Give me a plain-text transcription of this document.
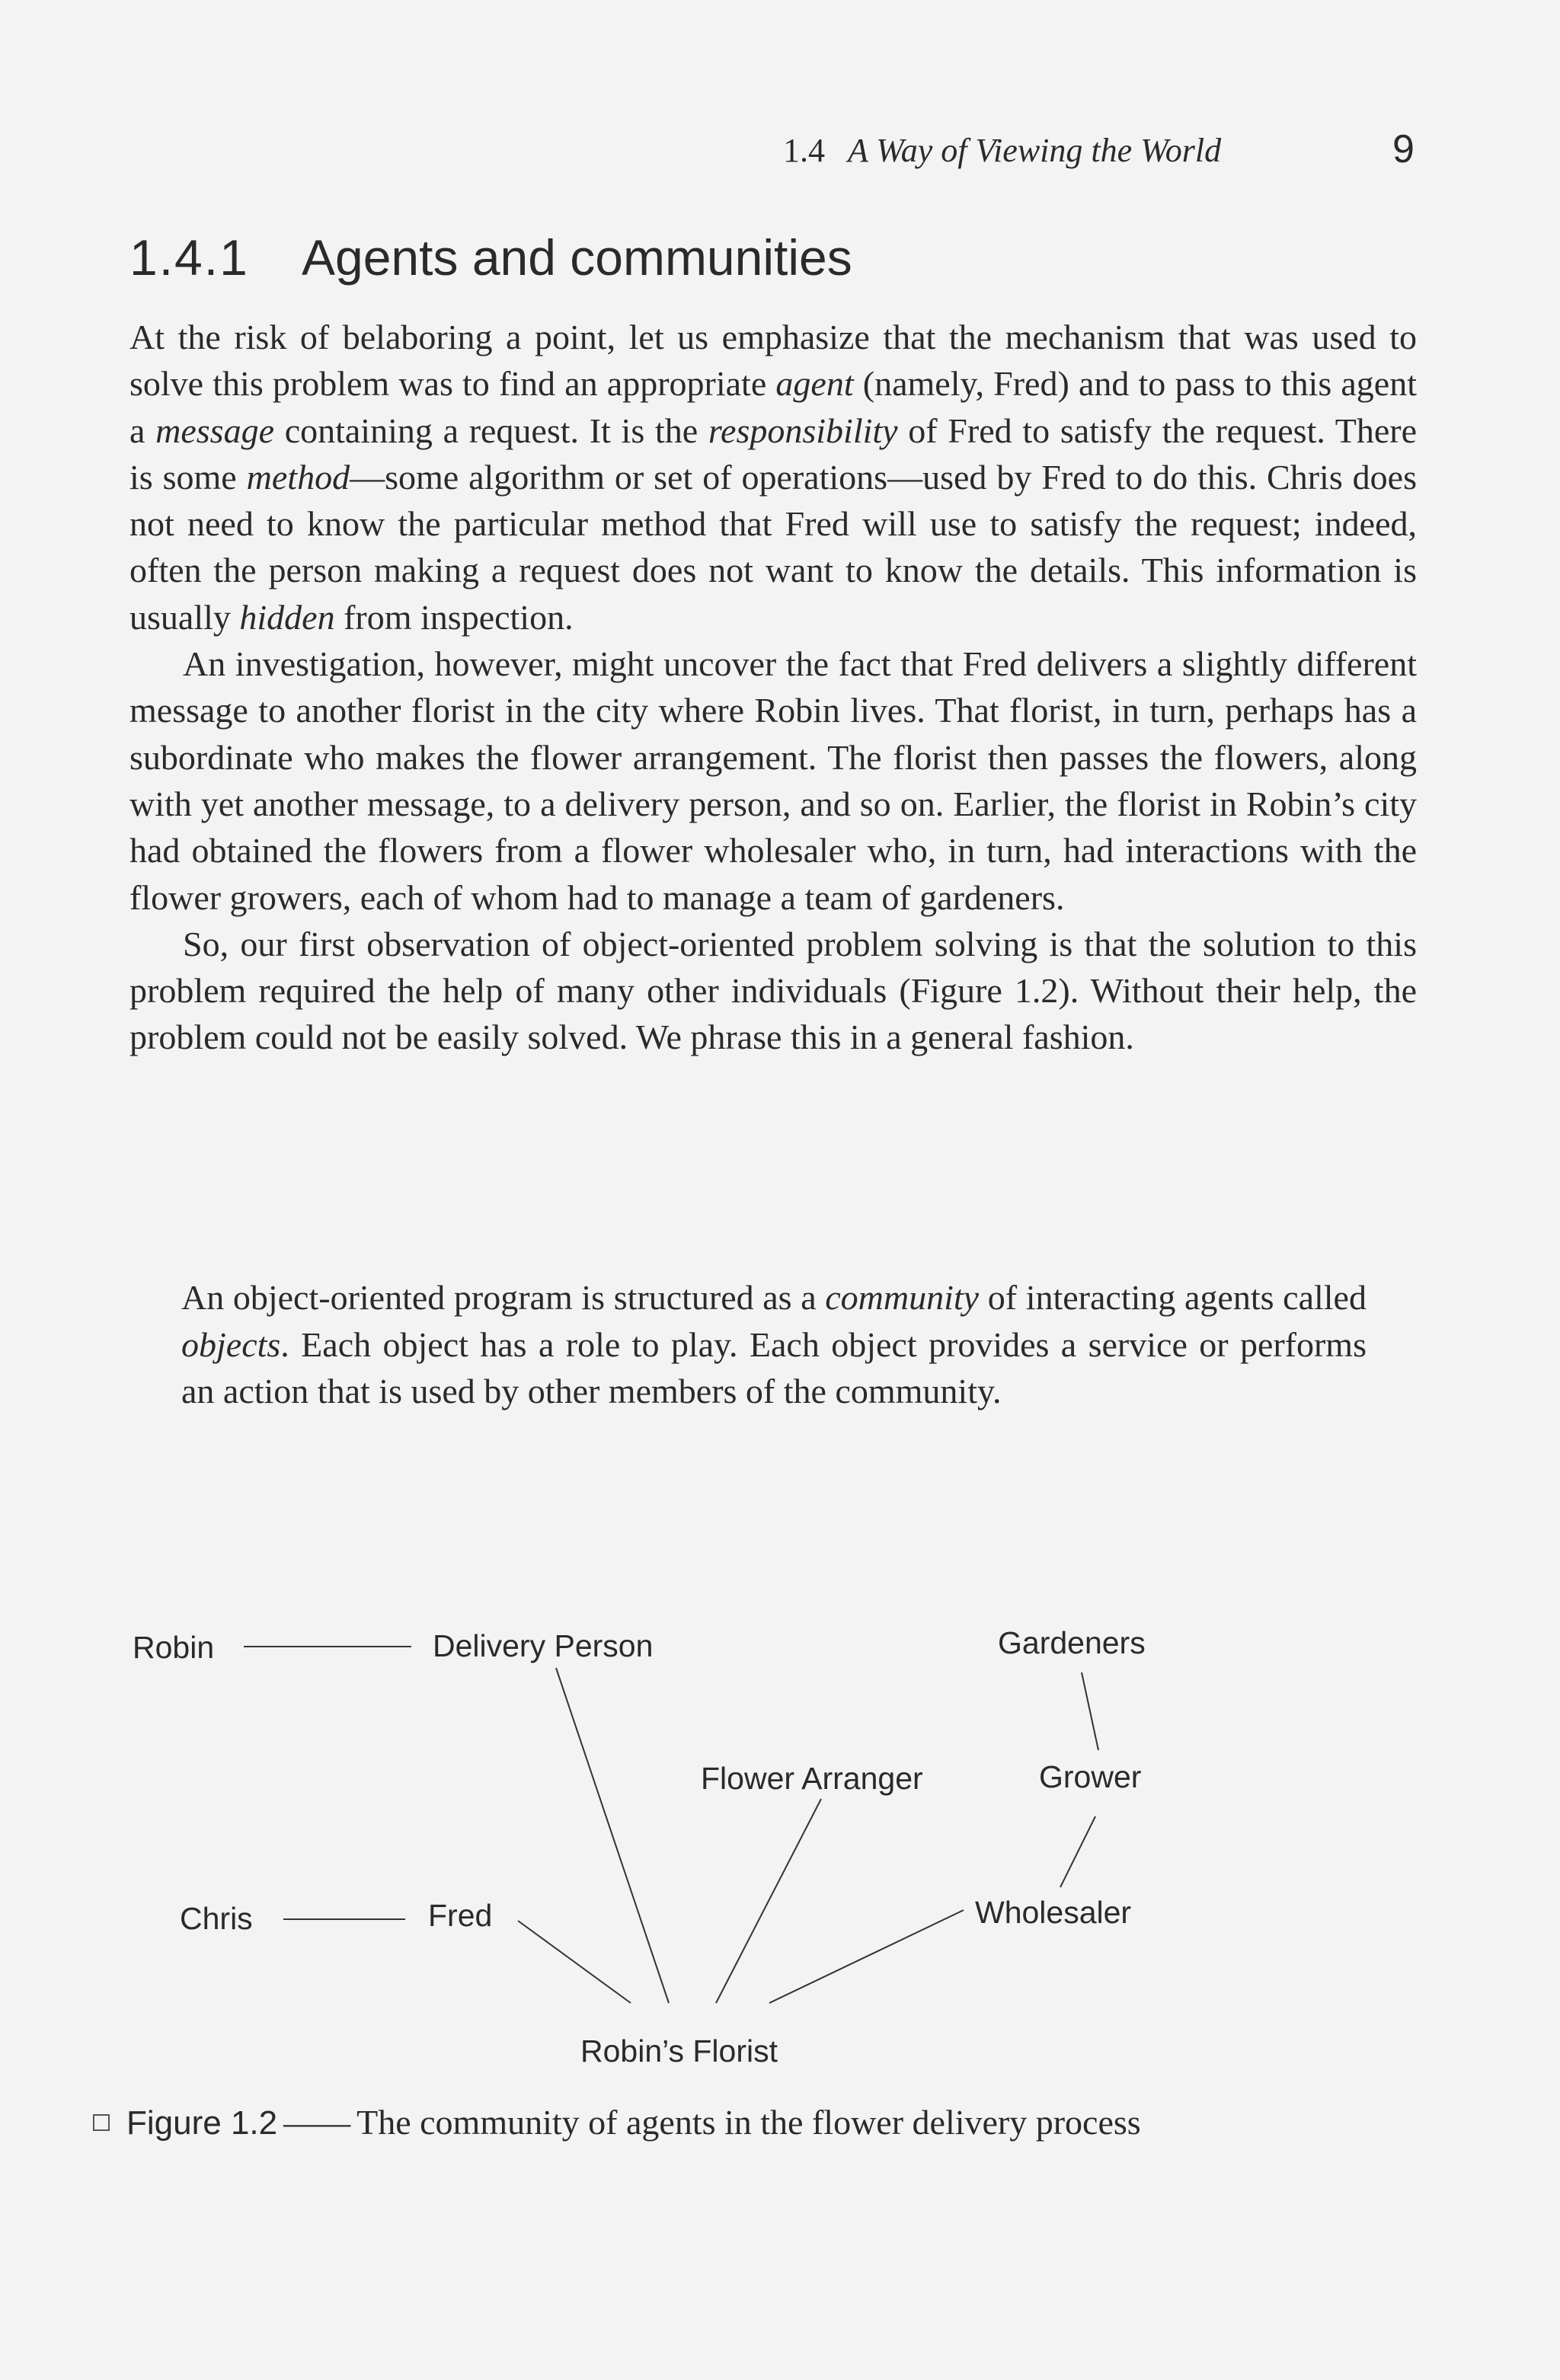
1.4 A Way of Viewing the World	9
1.4.1	Agents and communities

At the risk of belaboring a point, let us emphasize that the mechanism that was used to solve this problem was to find an appropriate agent (namely, Fred) and to pass to this agent a message containing a request. It is the responsibility of Fred to satisfy the request. There is some method—some algorithm or set of operations—used by Fred to do this. Chris does not need to know the particular method that Fred will use to satisfy the request; indeed, often the person making a request does not want to know the details. This information is usually hidden from inspection.

An investigation, however, might uncover the fact that Fred delivers a slightly different message to another florist in the city where Robin lives. That florist, in turn, perhaps has a subordinate who makes the flower arrangement. The florist then passes the flowers, along with yet another message, to a delivery person, and so on. Earlier, the florist in Robin’s city had obtained the flowers from a flower wholesaler who, in turn, had interactions with the flower growers, each of whom had to manage a team of gardeners.

So, our first observation of object-oriented problem solving is that the solution to this problem required the help of many other individuals (Figure 1.2). Without their help, the problem could not be easily solved. We phrase this in a general fashion.

An object-oriented program is structured as a community of interacting agents called objects. Each object has a role to play. Each object provides a service or performs an action that is used by other members of the community.

Robin	Delivery Person	Gardeners
Flower Arranger	Grower
Chris	Fred	Wholesaler
Robin’s Florist
Figure 1.2 —— The community of agents in the flower delivery process
